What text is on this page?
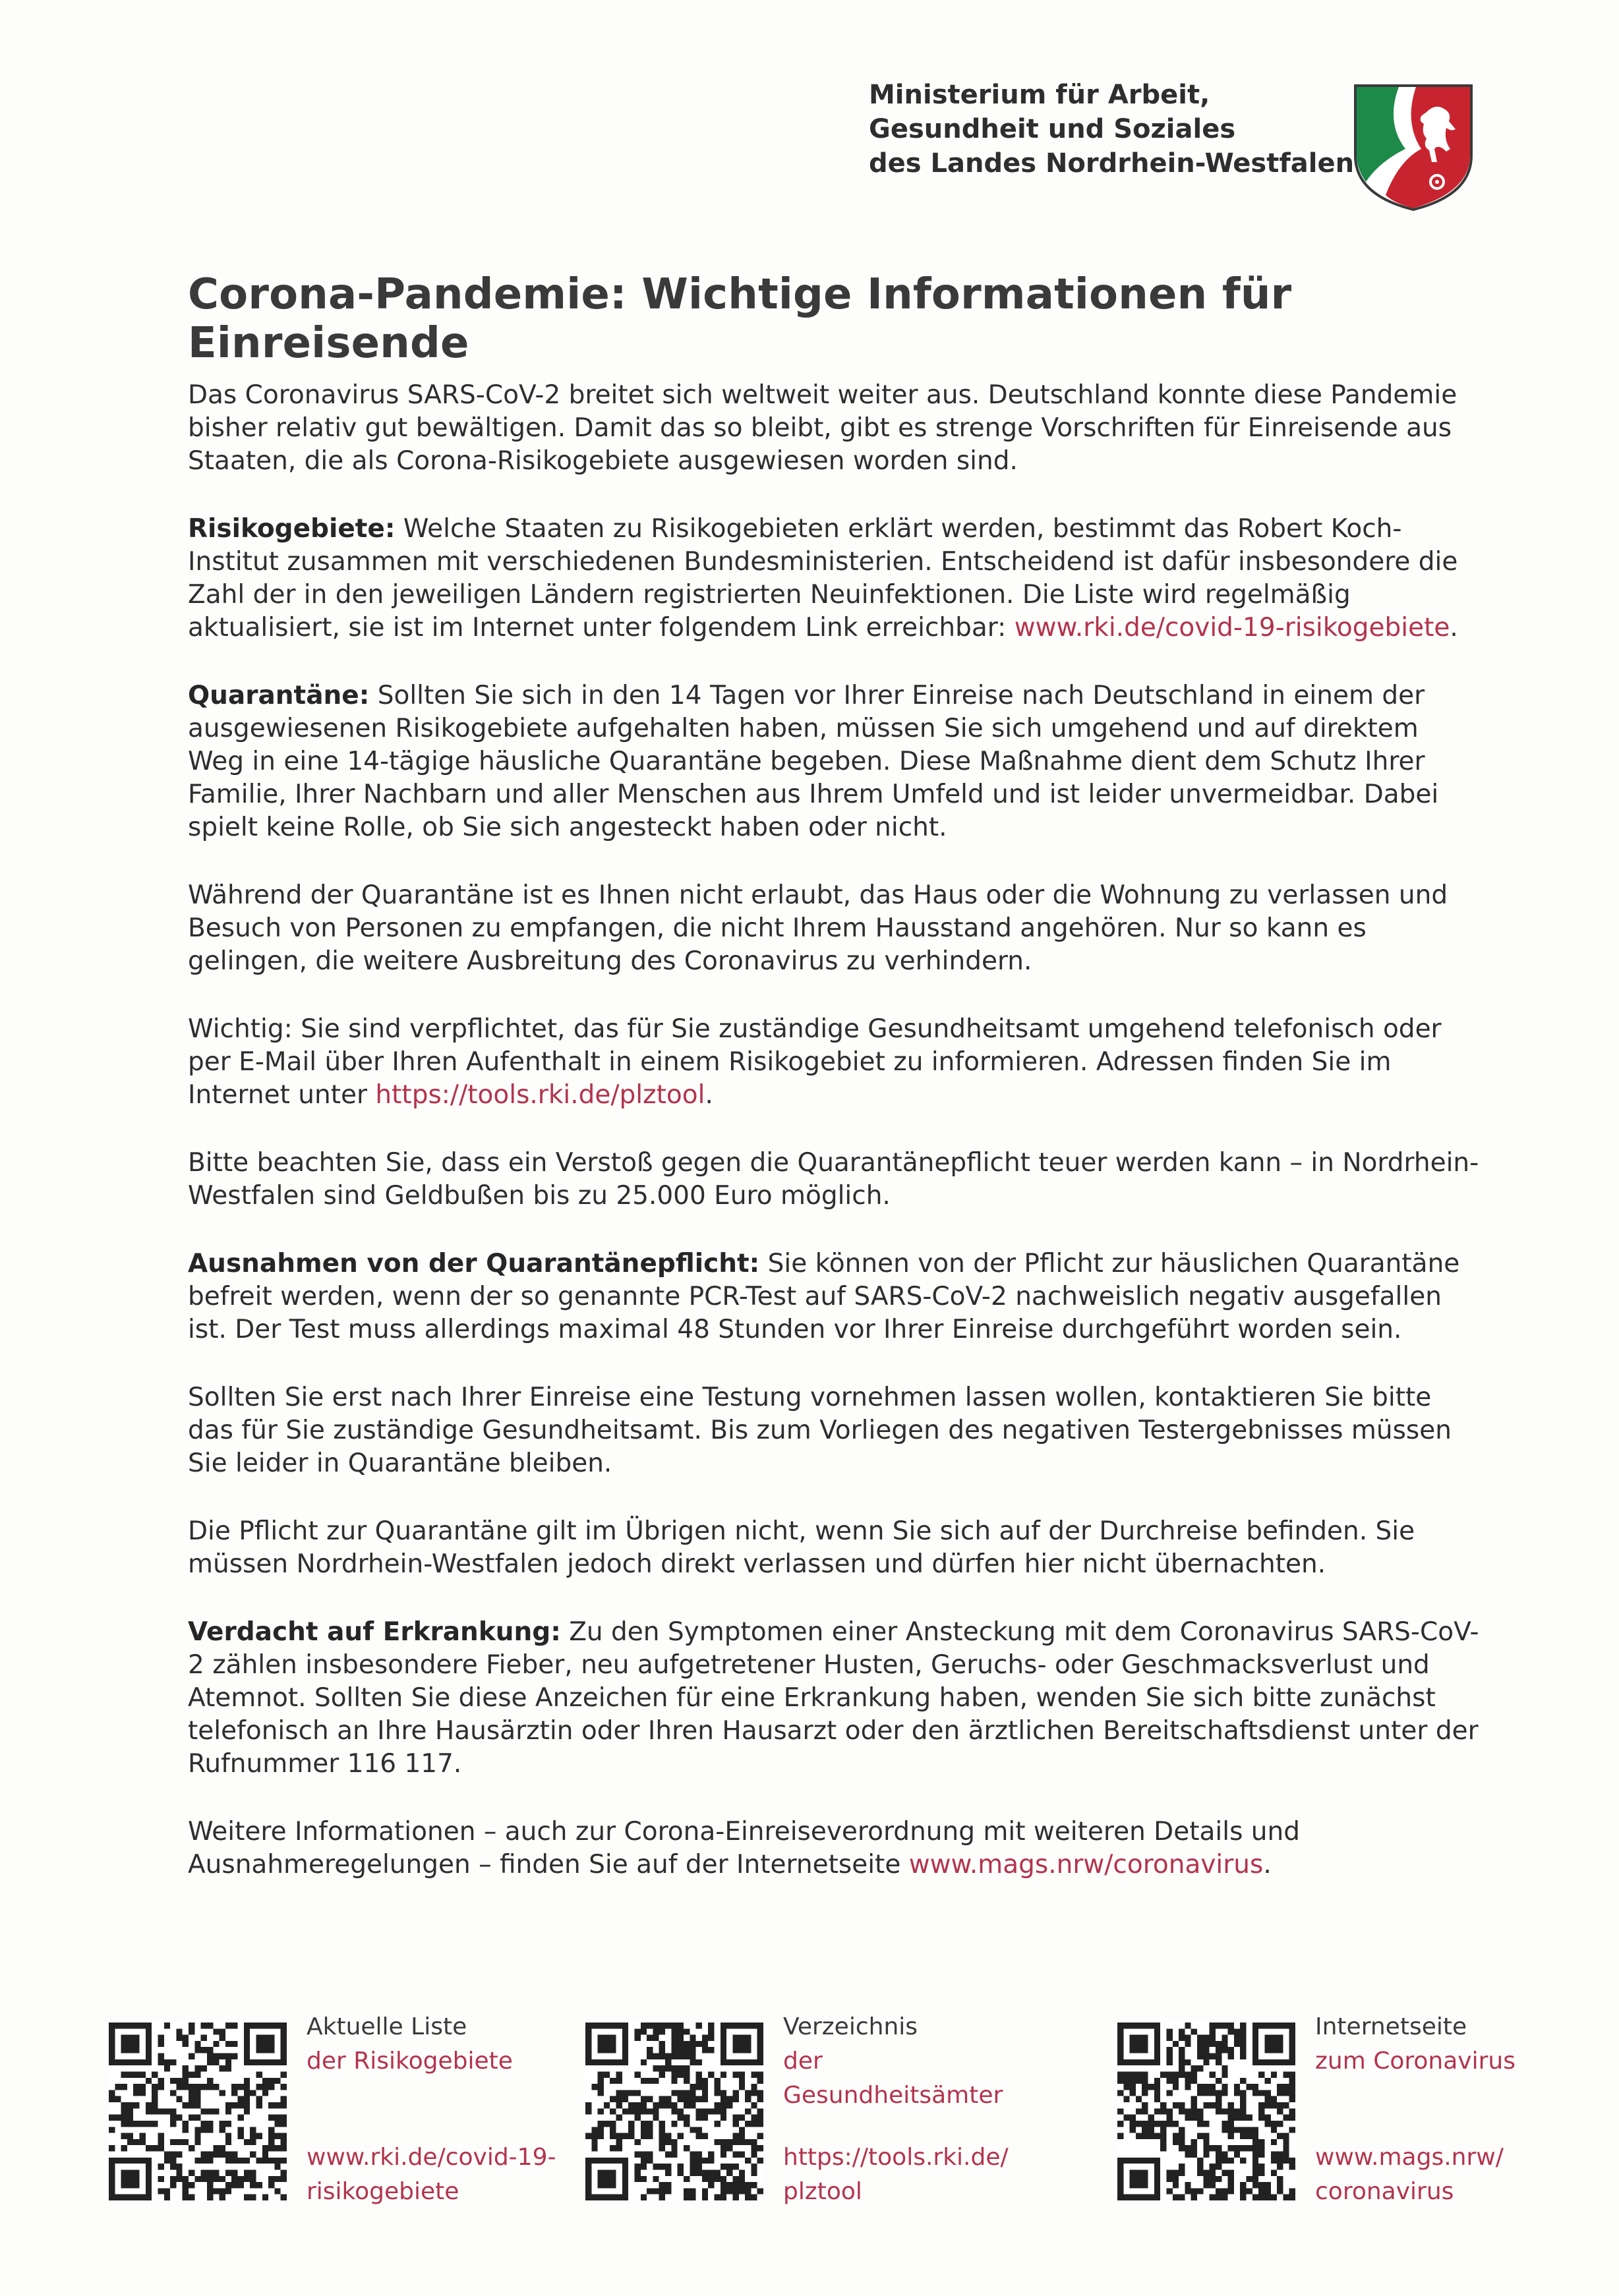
Ministerium für Arbeit,
Gesundheit und Soziales
des Landes Nordrhein-Westfalen
Corona-Pandemie: Wichtige Informationen für Einreisende

Das Coronavirus SARS-CoV-2 breitet sich weltweit weiter aus. Deutschland konnte diese Pandemie bisher relativ gut bewältigen. Damit das so bleibt, gibt es strenge Vorschriften für Einreisende aus Staaten, die als Corona-Risikogebiete ausgewiesen worden sind.

Risikogebiete: Welche Staaten zu Risikogebieten erklärt werden, bestimmt das Robert Koch-Institut zusammen mit verschiedenen Bundesministerien. Entscheidend ist dafür insbesondere die Zahl der in den jeweiligen Ländern registrierten Neuinfektionen. Die Liste wird regelmäßig aktualisiert, sie ist im Internet unter folgendem Link erreichbar: www.rki.de/covid-19-risikogebiete.

Quarantäne: Sollten Sie sich in den 14 Tagen vor Ihrer Einreise nach Deutschland in einem der ausgewiesenen Risikogebiete aufgehalten haben, müssen Sie sich umgehend und auf direktem Weg in eine 14-tägige häusliche Quarantäne begeben. Diese Maßnahme dient dem Schutz Ihrer Familie, Ihrer Nachbarn und aller Menschen aus Ihrem Umfeld und ist leider unvermeidbar. Dabei spielt keine Rolle, ob Sie sich angesteckt haben oder nicht.

Während der Quarantäne ist es Ihnen nicht erlaubt, das Haus oder die Wohnung zu verlassen und Besuch von Personen zu empfangen, die nicht Ihrem Hausstand angehören. Nur so kann es gelingen, die weitere Ausbreitung des Coronavirus zu verhindern.

Wichtig: Sie sind verpflichtet, das für Sie zuständige Gesundheitsamt umgehend telefonisch oder per E-Mail über Ihren Aufenthalt in einem Risikogebiet zu informieren. Adressen finden Sie im Internet unter https://tools.rki.de/plztool.

Bitte beachten Sie, dass ein Verstoß gegen die Quarantänepflicht teuer werden kann – in Nordrhein-Westfalen sind Geldbußen bis zu 25.000 Euro möglich.

Ausnahmen von der Quarantänepflicht: Sie können von der Pflicht zur häuslichen Quarantäne befreit werden, wenn der so genannte PCR-Test auf SARS-CoV-2 nachweislich negativ ausgefallen ist. Der Test muss allerdings maximal 48 Stunden vor Ihrer Einreise durchgeführt worden sein.

Sollten Sie erst nach Ihrer Einreise eine Testung vornehmen lassen wollen, kontaktieren Sie bitte das für Sie zuständige Gesundheitsamt. Bis zum Vorliegen des negativen Testergebnisses müssen Sie leider in Quarantäne bleiben.

Die Pflicht zur Quarantäne gilt im Übrigen nicht, wenn Sie sich auf der Durchreise befinden. Sie müssen Nordrhein-Westfalen jedoch direkt verlassen und dürfen hier nicht übernachten.

Verdacht auf Erkrankung: Zu den Symptomen einer Ansteckung mit dem Coronavirus SARS-CoV-2 zählen insbesondere Fieber, neu aufgetretener Husten, Geruchs- oder Geschmacksverlust und Atemnot. Sollten Sie diese Anzeichen für eine Erkrankung haben, wenden Sie sich bitte zunächst telefonisch an Ihre Hausärztin oder Ihren Hausarzt oder den ärztlichen Bereitschaftsdienst unter der Rufnummer 116 117.

Weitere Informationen – auch zur Corona-Einreiseverordnung mit weiteren Details und Ausnahmeregelungen – finden Sie auf der Internetseite www.mags.nrw/coronavirus.

Aktuelle Liste
der Risikogebiete
www.rki.de/covid-19-
risikogebiete
Verzeichnis
der Gesundheitsämter
https://tools.rki.de/
plztool
Internetseite
zum Coronavirus
www.mags.nrw/
coronavirus
